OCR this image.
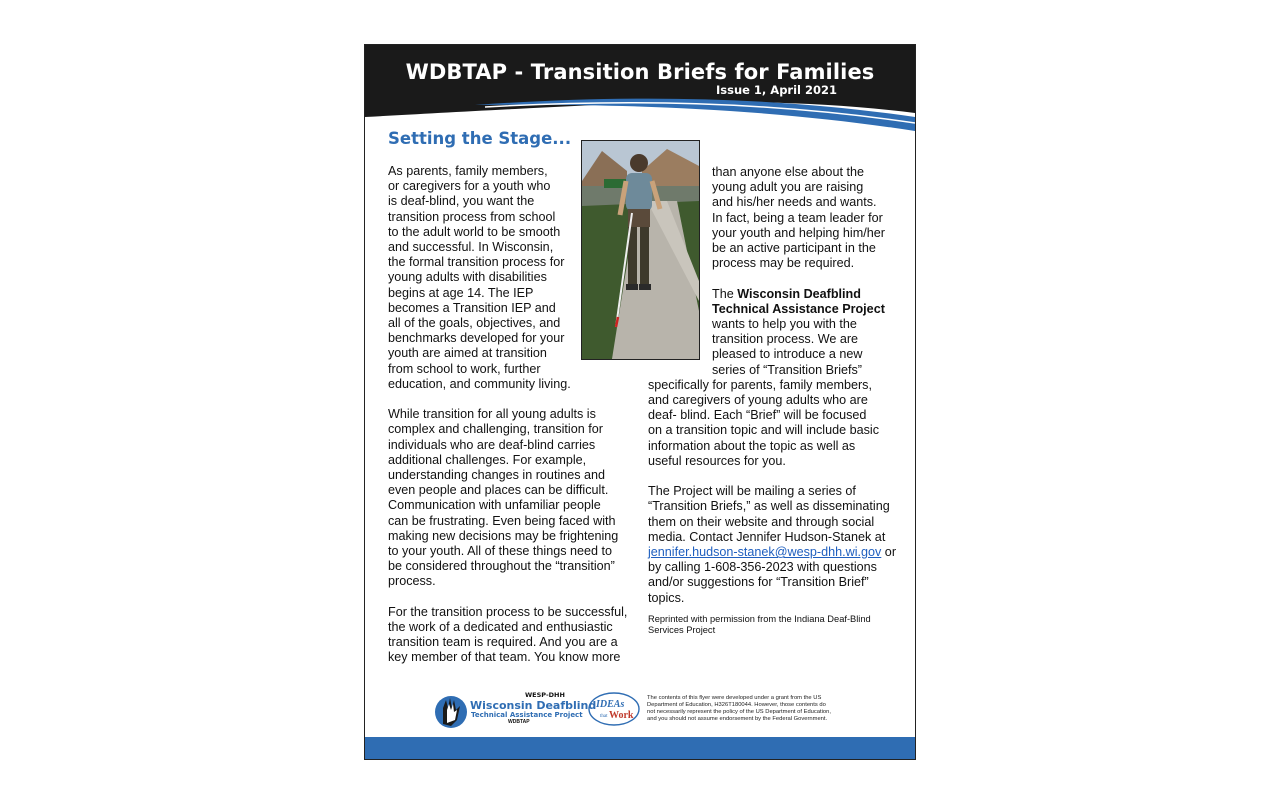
WDBTAP - Transition Briefs for Families
Issue 1, April 2021
Setting the Stage...

As parents, family members,

or caregivers for a youth who

is deaf-blind, you want the

transition process from school

to the adult world to be smooth

and successful. In Wisconsin,

the formal transition process for

young adults with disabilities

begins at age 14. The IEP

becomes a Transition IEP and

all of the goals, objectives, and

benchmarks developed for your

youth are aimed at transition

from school to work, further

education, and community living.

While transition for all young adults is

complex and challenging, transition for

individuals who are deaf-blind carries

additional challenges. For example,

understanding changes in routines and

even people and places can be difficult.

Communication with unfamiliar people

can be frustrating. Even being faced with

making new decisions may be frightening

to your youth. All of these things need to

be considered throughout the “transition”

process.

For the transition process to be successful,

the work of a dedicated and enthusiastic

transition team is required. And you are a

key member of that team. You know more

than anyone else about the

young adult you are raising

and his/her needs and wants.

In fact, being a team leader for

your youth and helping him/her

be an active participant in the

process may be required.

The Wisconsin Deafblind

Technical Assistance Project

wants to help you with the

transition process. We are

pleased to introduce a new

series of “Transition Briefs”

specifically for parents, family members,

and caregivers of young adults who are

deaf- blind. Each “Brief” will be focused

on a transition topic and will include basic

information about the topic as well as

useful resources for you.

The Project will be mailing a series of

“Transition Briefs,” as well as disseminating

them on their website and through social

media. Contact Jennifer Hudson-Stanek at

jennifer.hudson-stanek@wesp-dhh.wi.gov or

by calling 1-608-356-2023 with questions

and/or suggestions for “Transition Brief”

topics.

Reprinted with permission from the Indiana Deaf-Blind

Services Project

WESP-DHH
Wisconsin Deafblind
Technical Assistance Project
WDBTAP
IDEAs
that Work

The contents of this flyer were developed under a grant from the US

Department of Education, H326T180044. However, those contents do

not necessarily represent the policy of the US Department of Education,

and you should not assume endorsement by the Federal Government.
